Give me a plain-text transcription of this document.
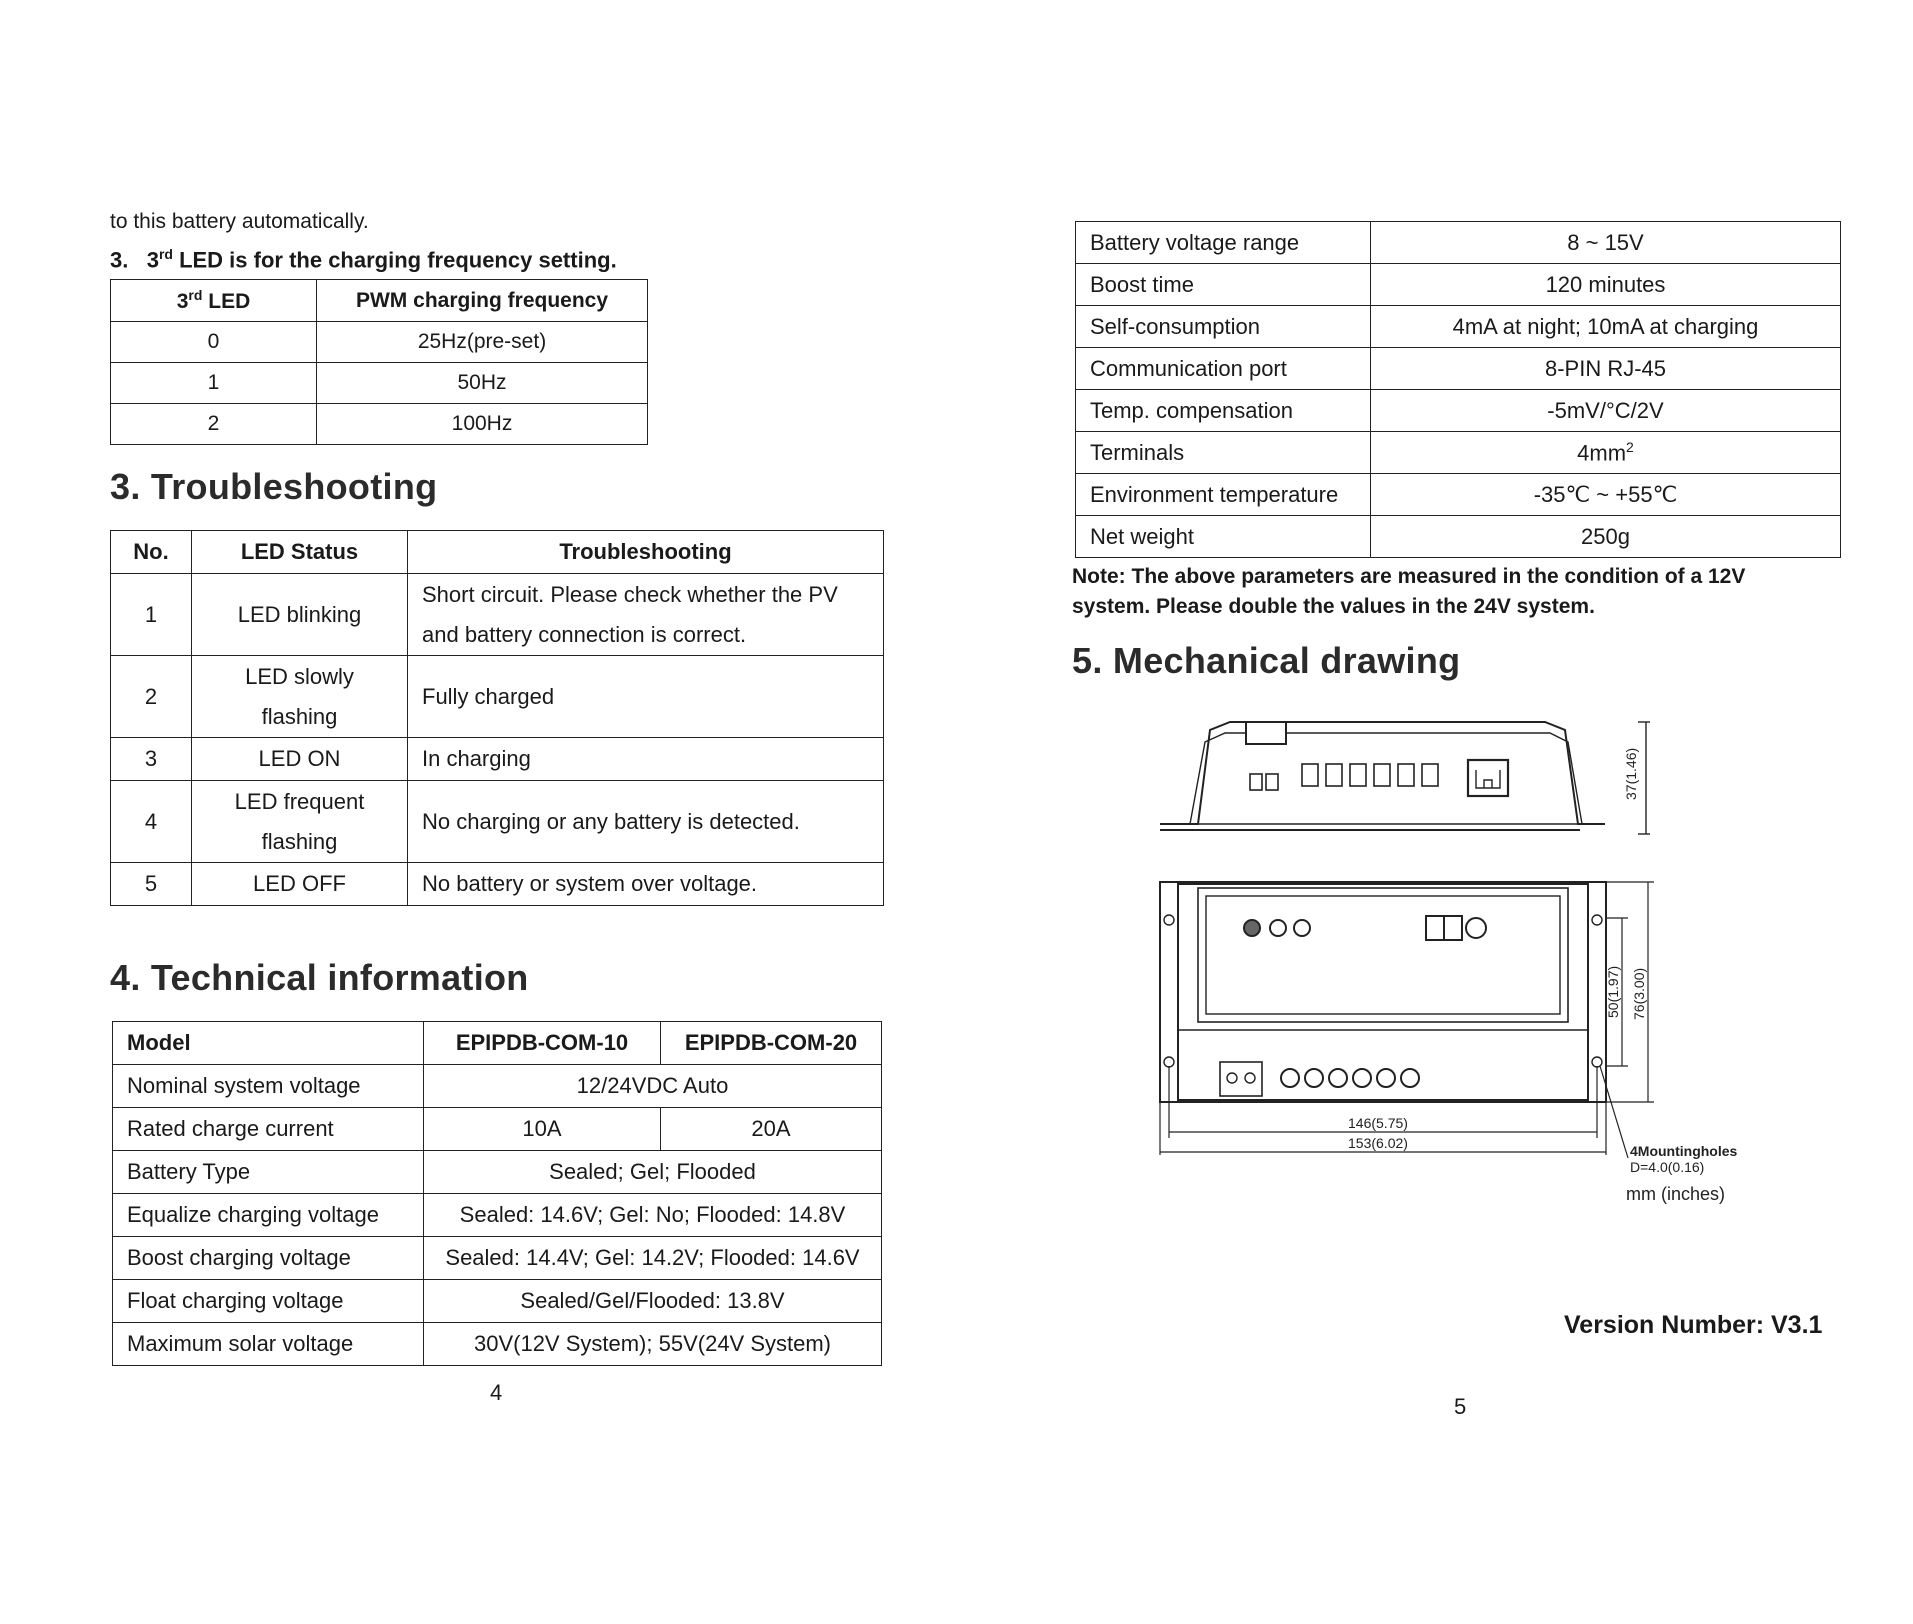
to this battery automatically.
3. 3rd LED is for the charging frequency setting.
3rd LED	PWM charging frequency
0	25Hz(pre-set)
1	50Hz
2	100Hz
3. Troubleshooting
No.	LED Status	Troubleshooting
1	LED blinking	Short circuit. Please check whether the PV and battery connection is correct.
2	LED slowly flashing	Fully charged
3	LED ON	In charging
4	LED frequent flashing	No charging or any battery is detected.
5	LED OFF	No battery or system over voltage.
4. Technical information
Model	EPIPDB-COM-10	EPIPDB-COM-20
Nominal system voltage	12/24VDC Auto	
Rated charge current	10A	20A
Battery Type	Sealed; Gel; Flooded	
Equalize charging voltage	Sealed: 14.6V; Gel: No; Flooded: 14.8V	
Boost charging voltage	Sealed: 14.4V; Gel: 14.2V; Flooded: 14.6V	
Float charging voltage	Sealed/Gel/Flooded: 13.8V	
Maximum solar voltage	30V(12V System); 55V(24V System)	
4
Battery voltage range	8 ~ 15V
Boost time	120 minutes
Self-consumption	4mA at night; 10mA at charging
Communication port	8-PIN RJ-45
Temp. compensation	-5mV/°C/2V
Terminals	$4mm^2$
Environment temperature	-35℃ ~ +55℃
Net weight	250g
Note: The above parameters are measured in the condition of a 12V
system. Please double the values in the 24V system.
5. Mechanical drawing
37(1.46)
50(1.97) 76(3.00)
146(5.75)
153(6.02)	4Mountingholes
D=4.0(0.16)
mm (inches)
Version Number: V3.1
5
